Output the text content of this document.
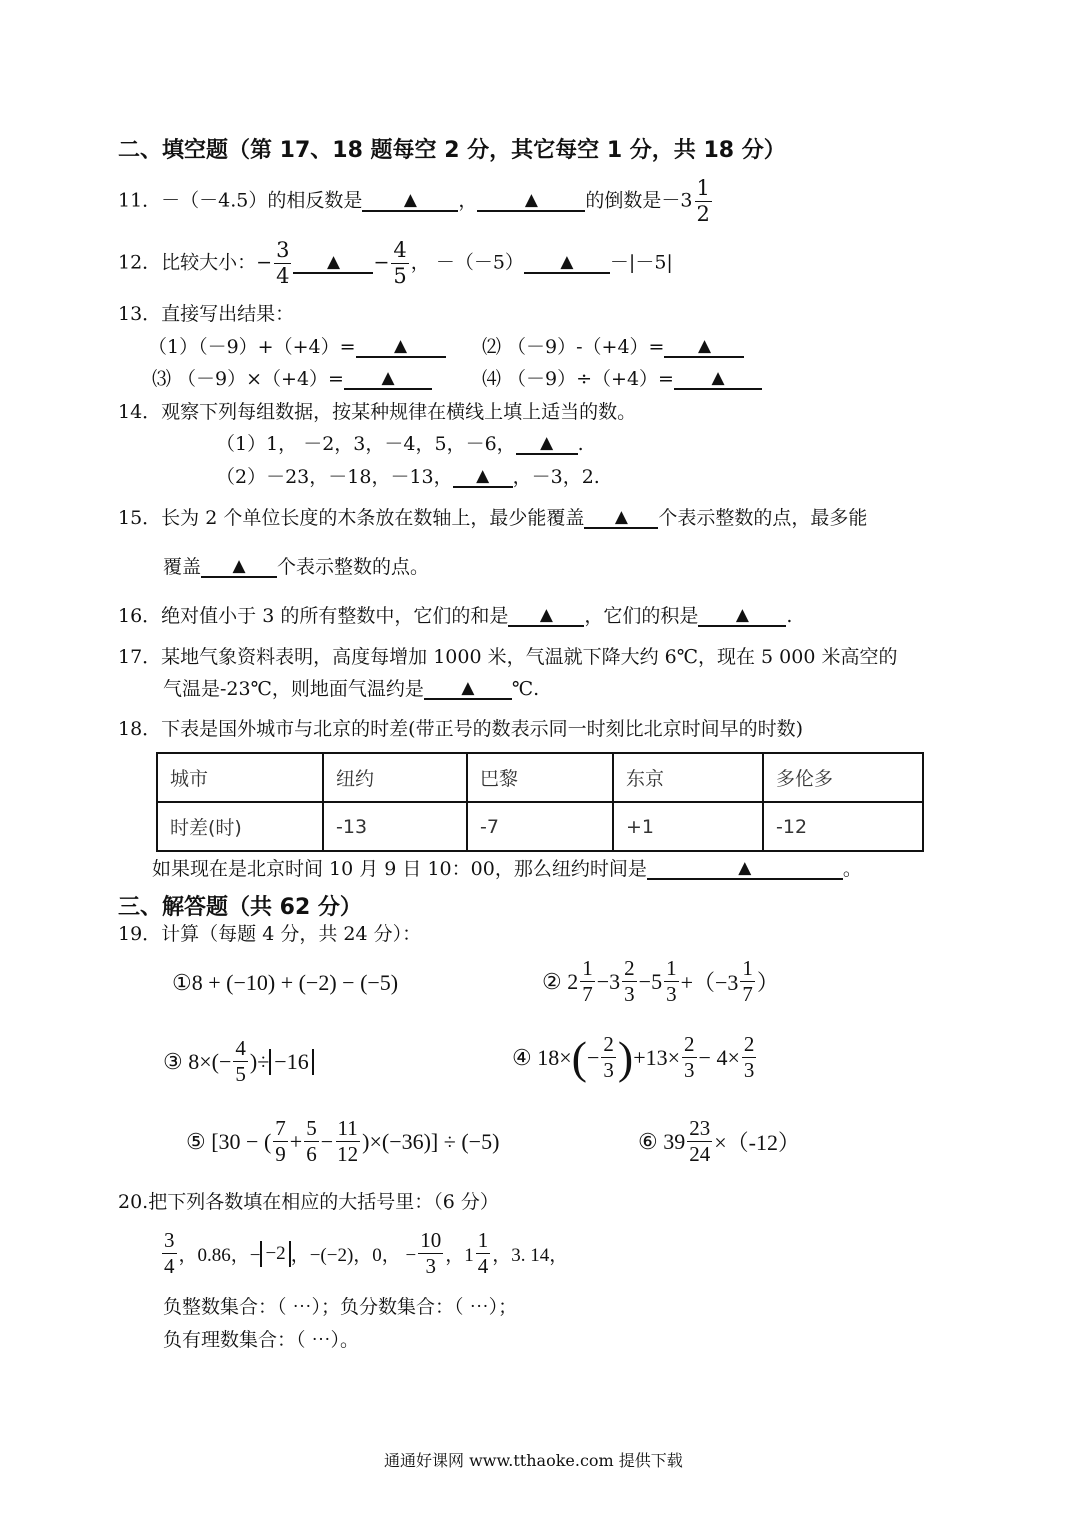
二、填空题（第 17、18 题每空 2 分，其它每空 1 分，共 18 分）
11．－（－4.5）的相反数是 ▲ ，	▲ 的倒数是$-3 \frac{1}{2}$
12．比较大小：− $\frac{3}{4}$ ▲ − $\frac{4}{5}$ ， －（－5） ▲ －|－5|
13．直接写出结果：
（1）（－9）+（+4）= ▲	⑵ （－9）-（+4）= ▲
⑶ （－9）×（+4）= ▲	⑷ （－9）÷（+4）= ▲
14．观察下列每组数据，按某种规律在横线上填上适当的数。
（1）1， －2，3，－4，5，－6， ▲ .
（2）－23，－18，－13， ▲ ，－3，2.
15．长为 2 个单位长度的木条放在数轴上，最少能覆盖 ▲ 个表示整数的点，最多能
覆盖 ▲ 个表示整数的点。
16．绝对值小于 3 的所有整数中，它们的和是 ▲ ，它们的积是 ▲ .
17．某地气象资料表明，高度每增加 1000 米，气温就下降大约 6℃，现在 5 000 米高空的
气温是-23℃，则地面气温约是 ▲ ℃.
18．下表是国外城市与北京的时差(带正号的数表示同一时刻比北京时间早的时数)
城市	纽约	巴黎	东京	多伦多
时差(时)	-13	-7	+1	-12
如果现在是北京时间 10 月 9 日 10：00，那么纽约时间是	▲	。
三、解答题（共 62 分）
19．计算（每题 4 分，共 24 分）：
①8 + (−10) + (−2) − (−5)	② $2 \frac{1}{7} -3 \frac{2}{3} -5 \frac{1}{3} +(-3 \frac{1}{7}$ ）
③ $8\times(- \frac{4}{5}$ )÷ −16	④ 18× ( − $\frac{2}{3}$ ) $+13\times \frac{2}{3} - 4\times \frac{2}{3}$
⑤ [30 − ( $\frac{7}{9} + \frac{5}{6} - \frac{11}{12} )\times(-36)] \div (-5)$	⑥ $39 \frac{23}{24} \times(-12)$
20.把下列各数填在相应的大括号里：（6 分）
$\frac{3}{4}$ ，0.86，− −2 ，−(−2)，0， − $\frac{10}{3}$ ，$1 \frac{1}{4}$ ，3. 14，
负整数集合：（ ⋯）；负分数集合：（ ⋯）；
负有理数集合：（ ⋯）。
通通好课网 www.tthaoke.com 提供下载
